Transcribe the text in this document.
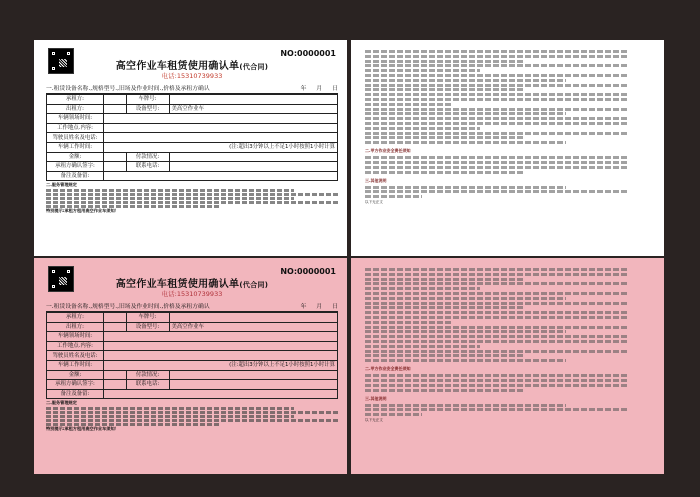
NO:0000001
高空作业车租赁使用确认单(代合同)
电话:15310739933
一.租赁设备名称.,规格型号.,旧场及作业时间.,价格及承租方确认	年 月 日
承租方:		车牌号:	
出租方:		设备型号:	美高空作业车
车辆领场时间:			
工作地点.内容:			
驾驶员姓名及电话:			
车辆工作时间:	(注:超出3分钟以上不足1小时按照1小时计算		
金额:		付款情况:	
承租方确认签字:		联系电话:	
备注及备留:			
二.服务管理规定
特别提示:承租方租用高空作业车须知！
二.甲方作业安全责任须知
三.其他说明
以下无正文
NO:0000001
高空作业车租赁使用确认单(代合同)
电话:15310739933
一.租赁设备名称.,规格型号.,旧场及作业时间.,价格及承租方确认	年 月 日
承租方:		车牌号:	
出租方:		设备型号:	美高空作业车
车辆领场时间:			
工作地点.内容:			
驾驶员姓名及电话:			
车辆工作时间:	(注:超出3分钟以上不足1小时按照1小时计算		
金额:		付款情况:	
承租方确认签字:		联系电话:	
备注及备留:			
二.服务管理规定
特别提示:承租方租用高空作业车须知！
二.甲方作业安全责任须知
三.其他说明
以下无正文
